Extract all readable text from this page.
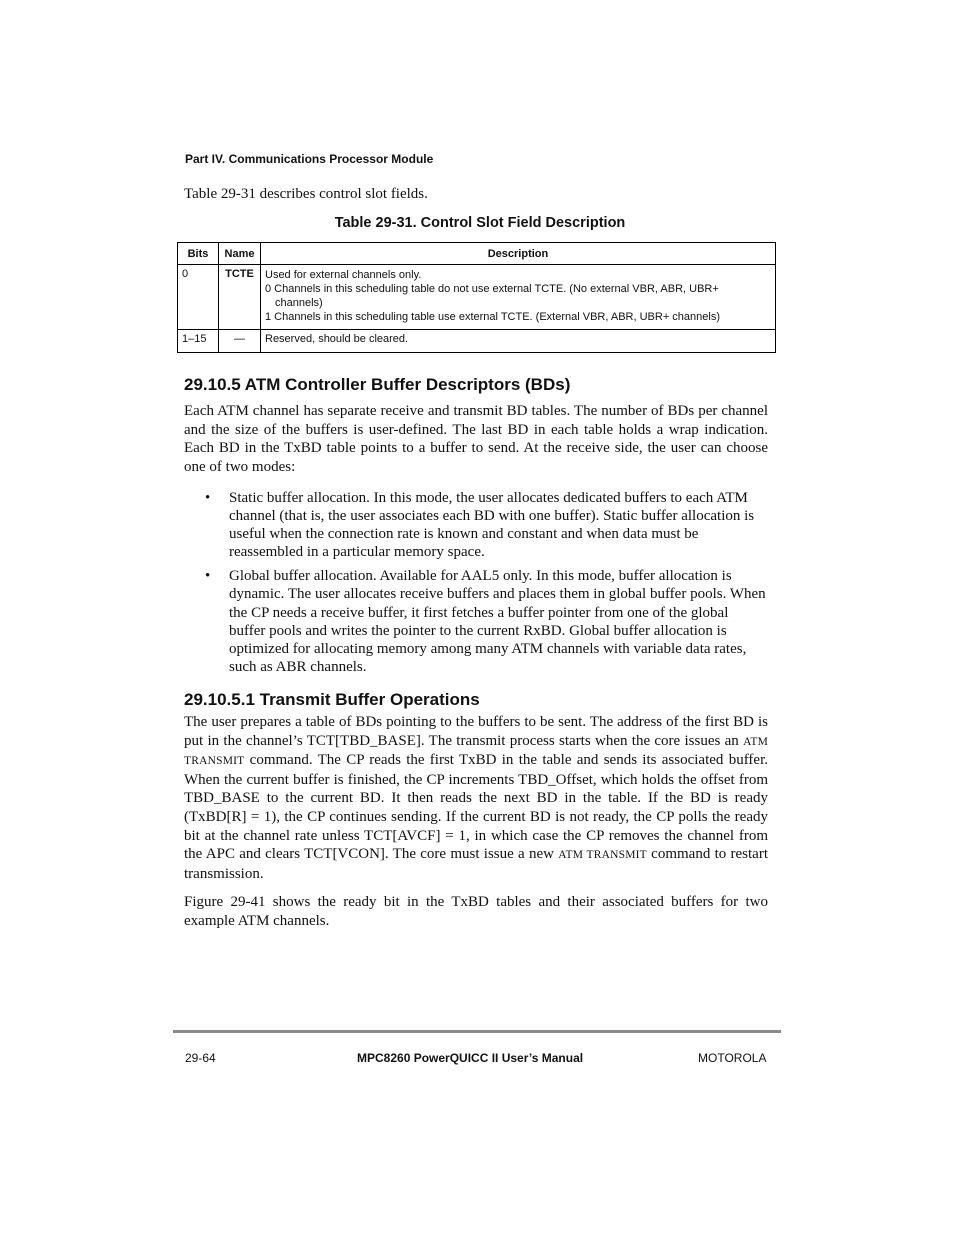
Part IV. Communications Processor Module
Table 29-31 describes control slot fields.
Table 29-31. Control Slot Field Description
Bits	Name	Description
0	TCTE	Used for external channels only.
0 Channels in this scheduling table do not use external TCTE. (No external VBR, ABR, UBR+
channels)
1 Channels in this scheduling table use external TCTE. (External VBR, ABR, UBR+ channels)

1–15	—	Reserved, should be cleared.
29.10.5 ATM Controller Buffer Descriptors (BDs)

Each ATM channel has separate receive and transmit BD tables. The number of BDs per channel and the size of the buffers is user-defined. The last BD in each table holds a wrap indication. Each BD in the TxBD table points to a buffer to send. At the receive side, the user can choose one of two modes:

• Static buffer allocation. In this mode, the user allocates dedicated buffers to each ATM channel (that is, the user associates each BD with one buffer). Static buffer allocation is useful when the connection rate is known and constant and when data must be reassembled in a particular memory space.
• Global buffer allocation. Available for AAL5 only. In this mode, buffer allocation is dynamic. The user allocates receive buffers and places them in global buffer pools. When the CP needs a receive buffer, it first fetches a buffer pointer from one of the global buffer pools and writes the pointer to the current RxBD. Global buffer allocation is optimized for allocating memory among many ATM channels with variable data rates, such as ABR channels.
29.10.5.1 Transmit Buffer Operations

The user prepares a table of BDs pointing to the buffers to be sent. The address of the first BD is put in the channel’s TCT[TBD_BASE]. The transmit process starts when the core issues an ATM TRANSMIT command. The CP reads the first TxBD in the table and sends its associated buffer. When the current buffer is finished, the CP increments TBD_Offset, which holds the offset from TBD_BASE to the current BD. It then reads the next BD in the table. If the BD is ready (TxBD[R] = 1), the CP continues sending. If the current BD is not ready, the CP polls the ready bit at the channel rate unless TCT[AVCF] = 1, in which case the CP removes the channel from the APC and clears TCT[VCON]. The core must issue a new ATM TRANSMIT command to restart transmission.

Figure 29-41 shows the ready bit in the TxBD tables and their associated buffers for two example ATM channels.

29-64	MPC8260 PowerQUICC II User’s Manual	MOTOROLA
